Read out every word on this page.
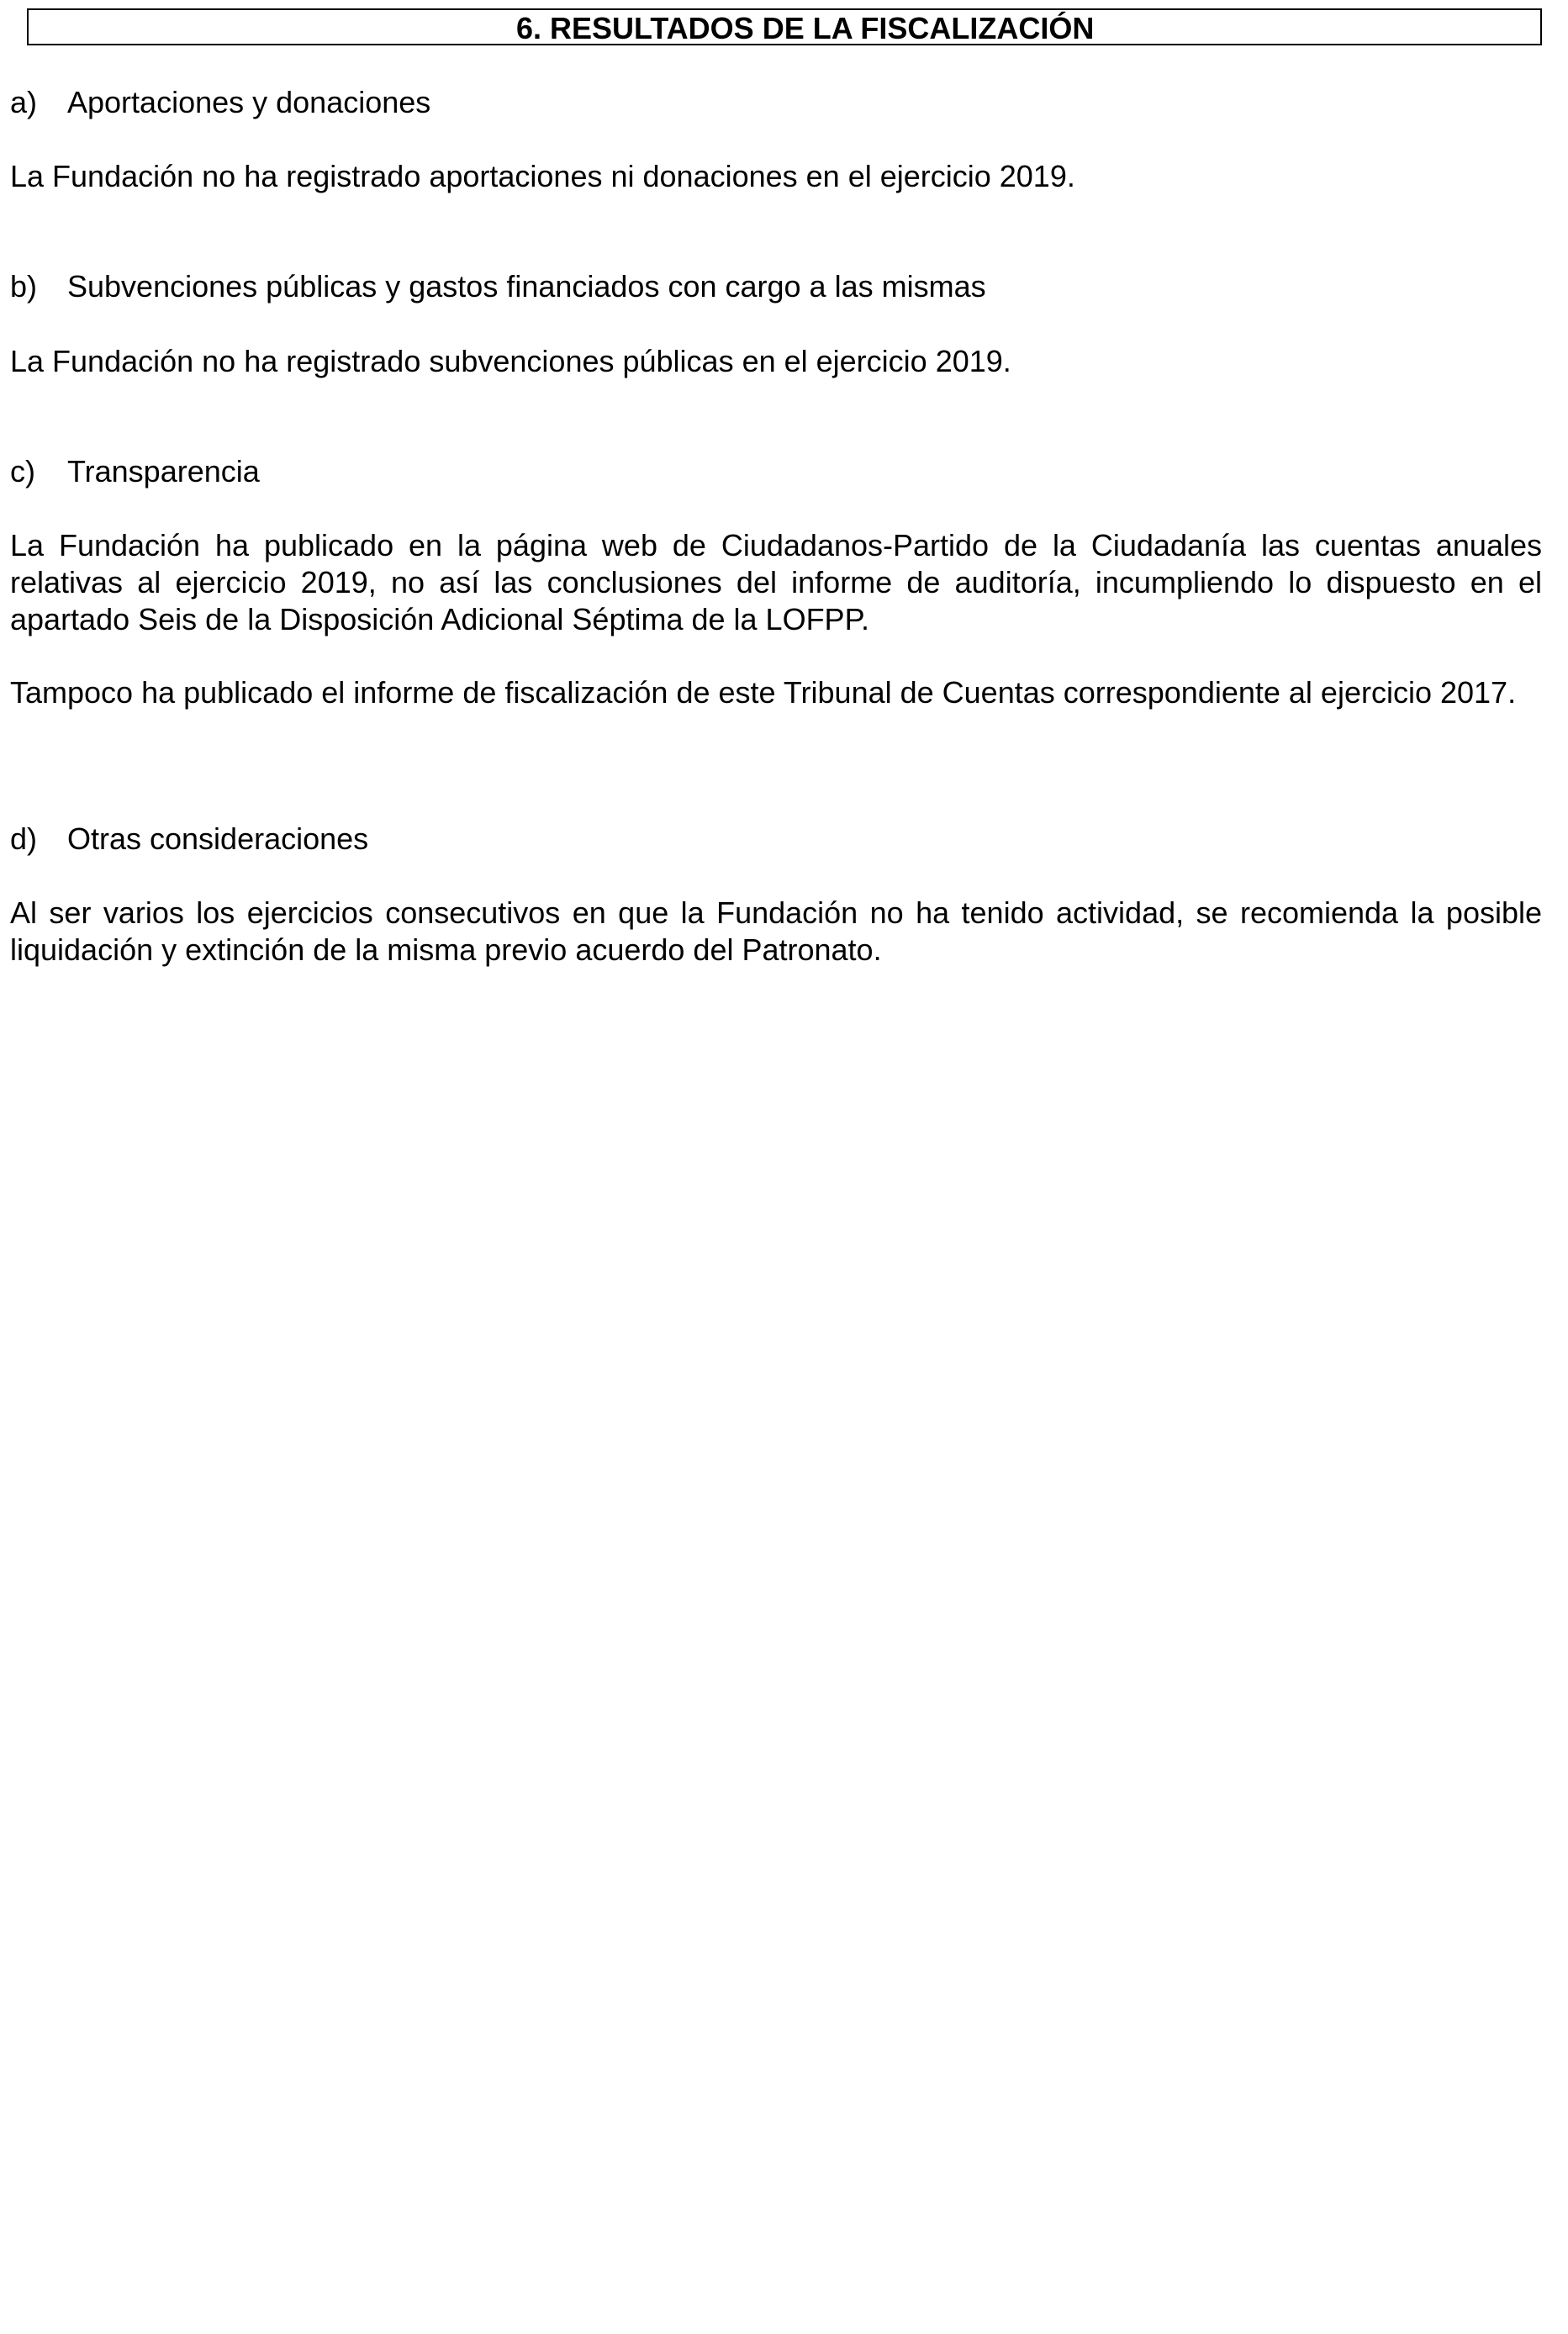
6. RESULTADOS DE LA FISCALIZACIÓN
a) Aportaciones y donaciones
La Fundación no ha registrado aportaciones ni donaciones en el ejercicio 2019.
b) Subvenciones públicas y gastos financiados con cargo a las mismas
La Fundación no ha registrado subvenciones públicas en el ejercicio 2019.
c) Transparencia
La Fundación ha publicado en la página web de Ciudadanos-Partido de la Ciudadanía las cuentas anuales relativas al ejercicio 2019, no así las conclusiones del informe de auditoría, incumpliendo lo dispuesto en el apartado Seis de la Disposición Adicional Séptima de la LOFPP.
Tampoco ha publicado el informe de fiscalización de este Tribunal de Cuentas correspondiente al ejercicio 2017.
d) Otras consideraciones
Al ser varios los ejercicios consecutivos en que la Fundación no ha tenido actividad, se recomienda la posible liquidación y extinción de la misma previo acuerdo del Patronato.
